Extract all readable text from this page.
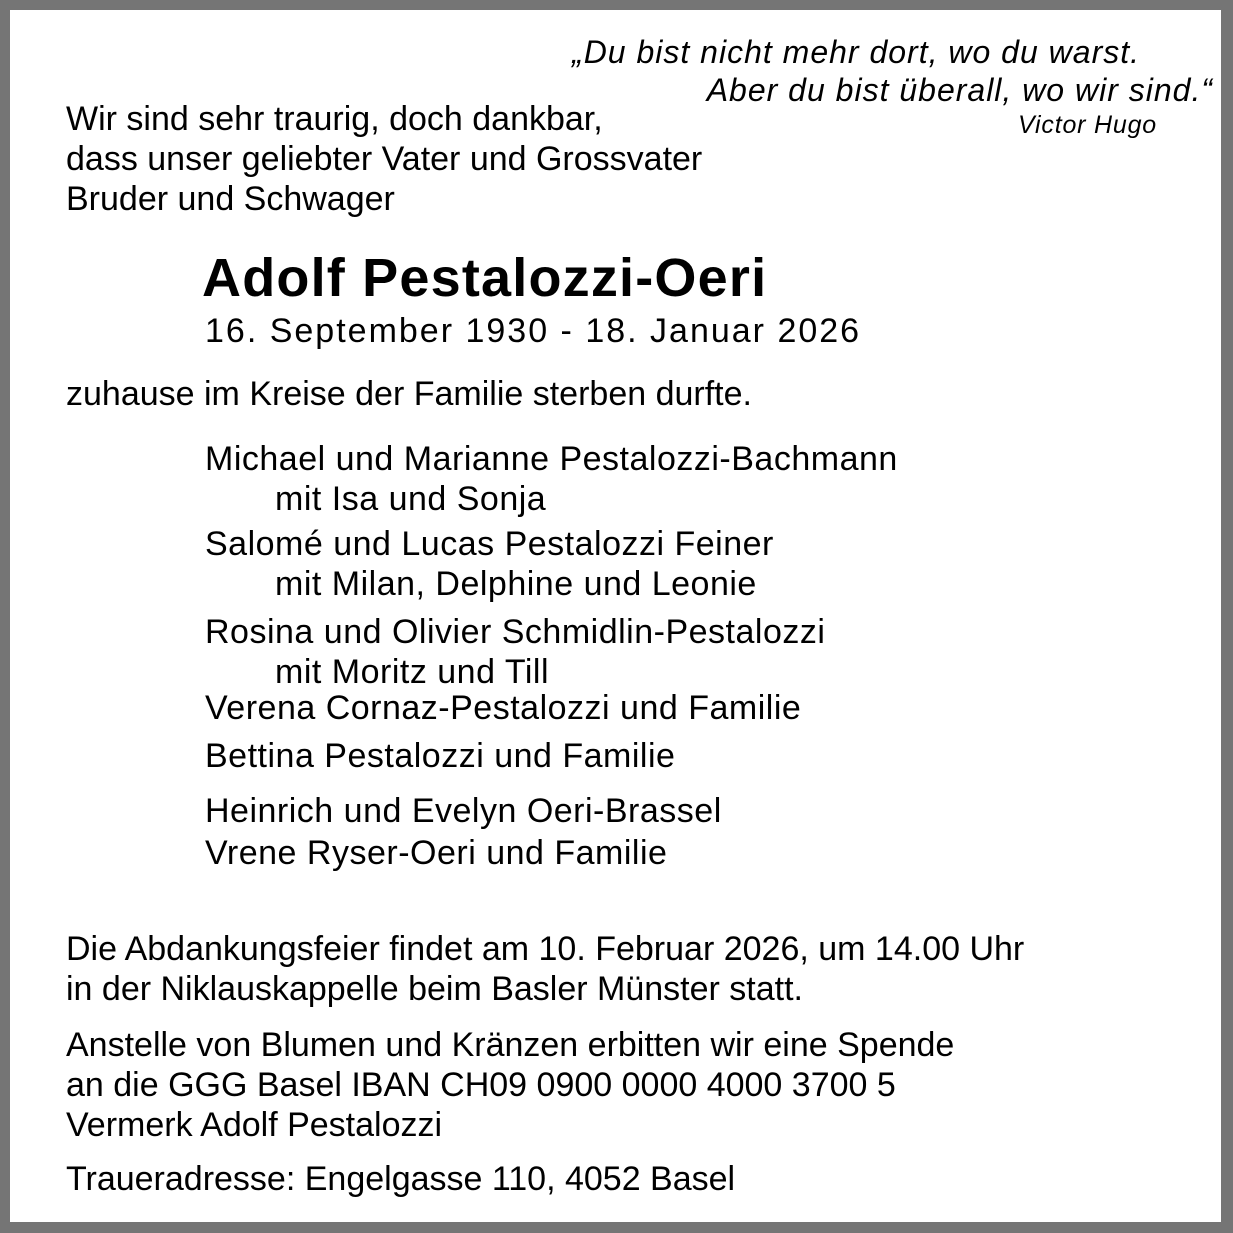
„Du bist nicht mehr dort, wo du warst.
Aber du bist überall, wo wir sind.“
Victor Hugo
Wir sind sehr traurig, doch dankbar,
dass unser geliebter Vater und Grossvater
Bruder und Schwager
Adolf Pestalozzi-Oeri
16. September 1930 - 18. Januar 2026
zuhause im Kreise der Familie sterben durfte.
Michael und Marianne Pestalozzi-Bachmann
mit Isa und Sonja
Salomé und Lucas Pestalozzi Feiner
mit Milan, Delphine und Leonie
Rosina und Olivier Schmidlin-Pestalozzi
mit Moritz und Till
Verena Cornaz-Pestalozzi und Familie
Bettina Pestalozzi und Familie
Heinrich und Evelyn Oeri-Brassel
Vrene Ryser-Oeri und Familie
Die Abdankungsfeier findet am 10. Februar 2026, um 14.00 Uhr
in der Niklauskappelle beim Basler Münster statt.
Anstelle von Blumen und Kränzen erbitten wir eine Spende
an die GGG Basel IBAN CH09 0900 0000 4000 3700 5
Vermerk Adolf Pestalozzi
Traueradresse: Engelgasse 110, 4052 Basel
